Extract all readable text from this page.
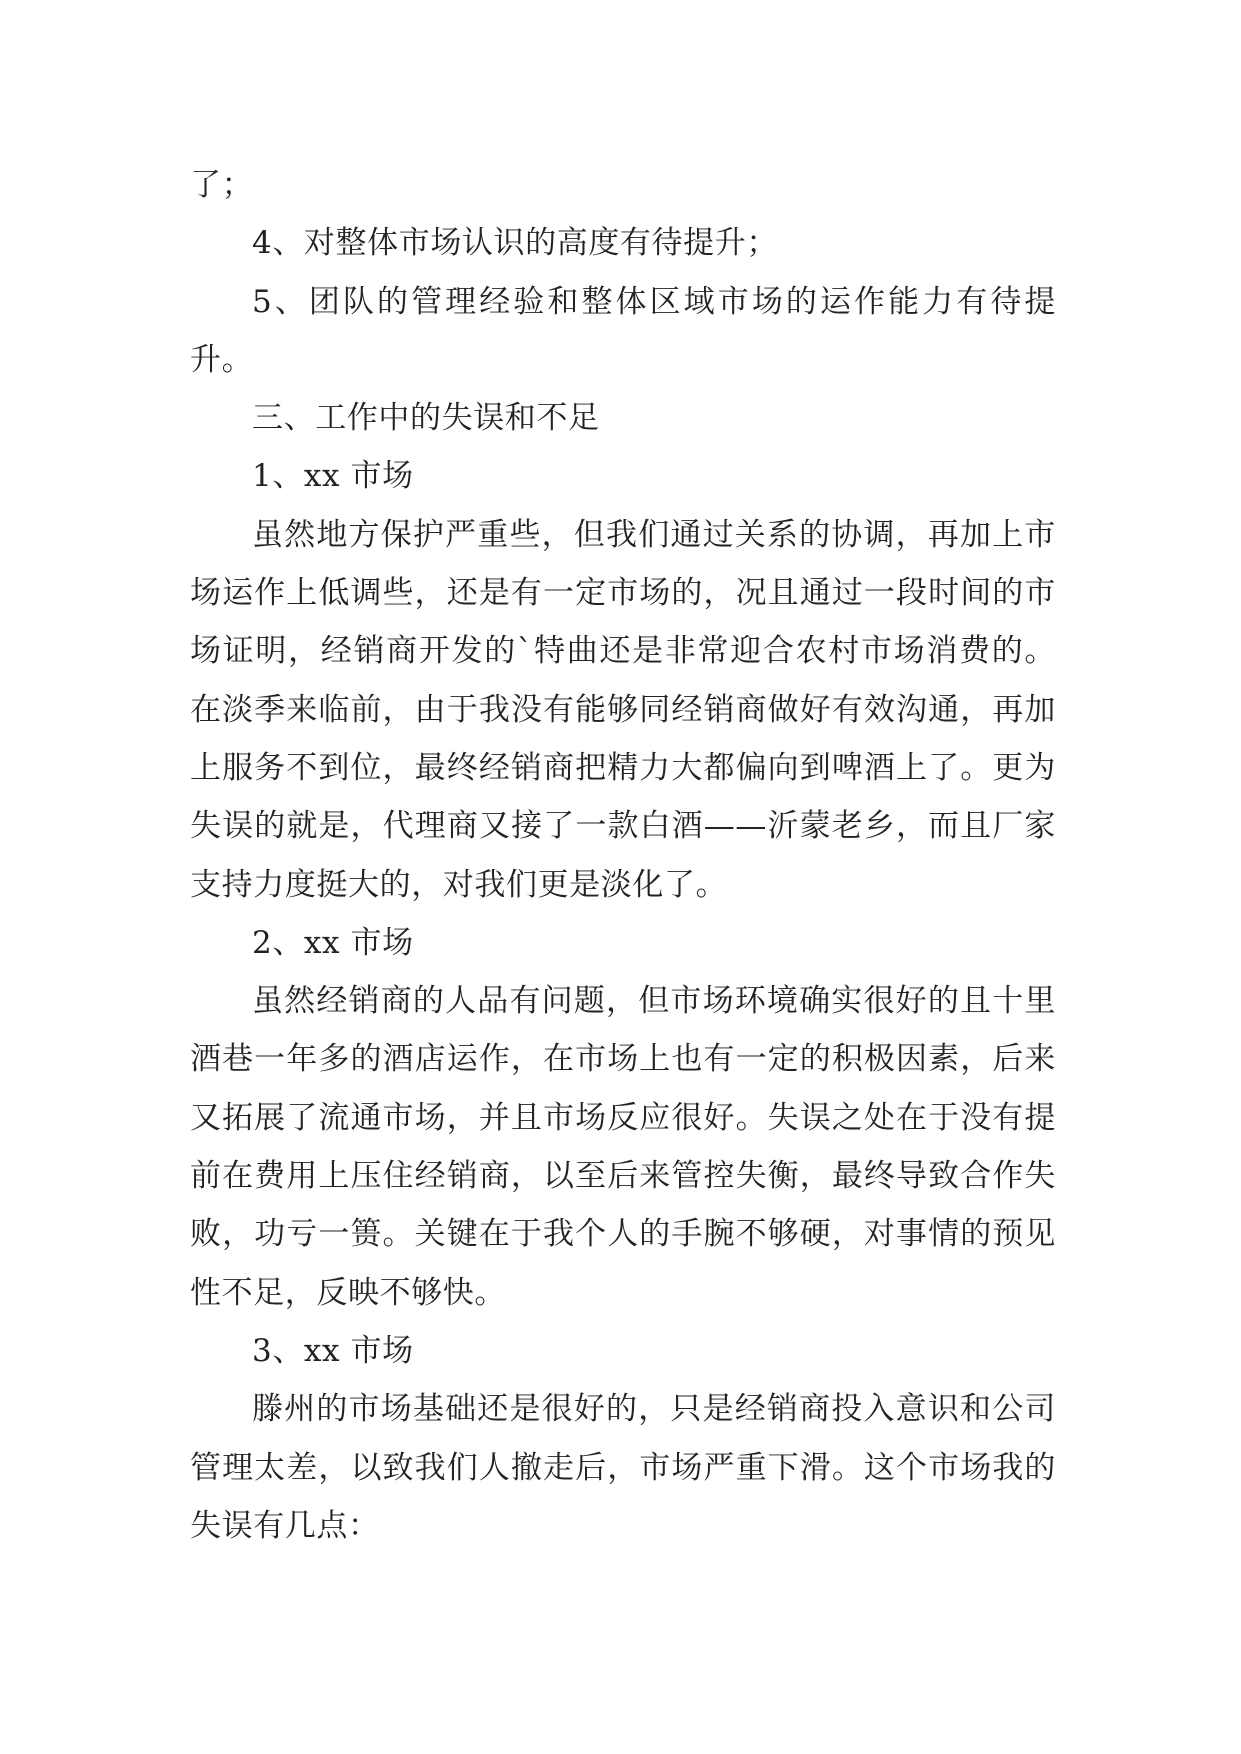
了；

4、对整体市场认识的高度有待提升；

5、团队的管理经验和整体区域市场的运作能力有待提升。

三、工作中的失误和不足

1、xx 市场

虽然地方保护严重些，但我们通过关系的协调，再加上市场运作上低调些，还是有一定市场的，况且通过一段时间的市场证明，经销商开发的`特曲还是非常迎合农村市场消费的。在淡季来临前，由于我没有能够同经销商做好有效沟通，再加上服务不到位，最终经销商把精力大都偏向到啤酒上了。更为失误的就是，代理商又接了一款白酒——沂蒙老乡，而且厂家支持力度挺大的，对我们更是淡化了。

2、xx 市场

虽然经销商的人品有问题，但市场环境确实很好的且十里酒巷一年多的酒店运作，在市场上也有一定的积极因素，后来又拓展了流通市场，并且市场反应很好。失误之处在于没有提前在费用上压住经销商，以至后来管控失衡，最终导致合作失败，功亏一篑。关键在于我个人的手腕不够硬，对事情的预见性不足，反映不够快。

3、xx 市场

滕州的市场基础还是很好的，只是经销商投入意识和公司管理太差，以致我们人撤走后，市场严重下滑。这个市场我的失误有几点：
